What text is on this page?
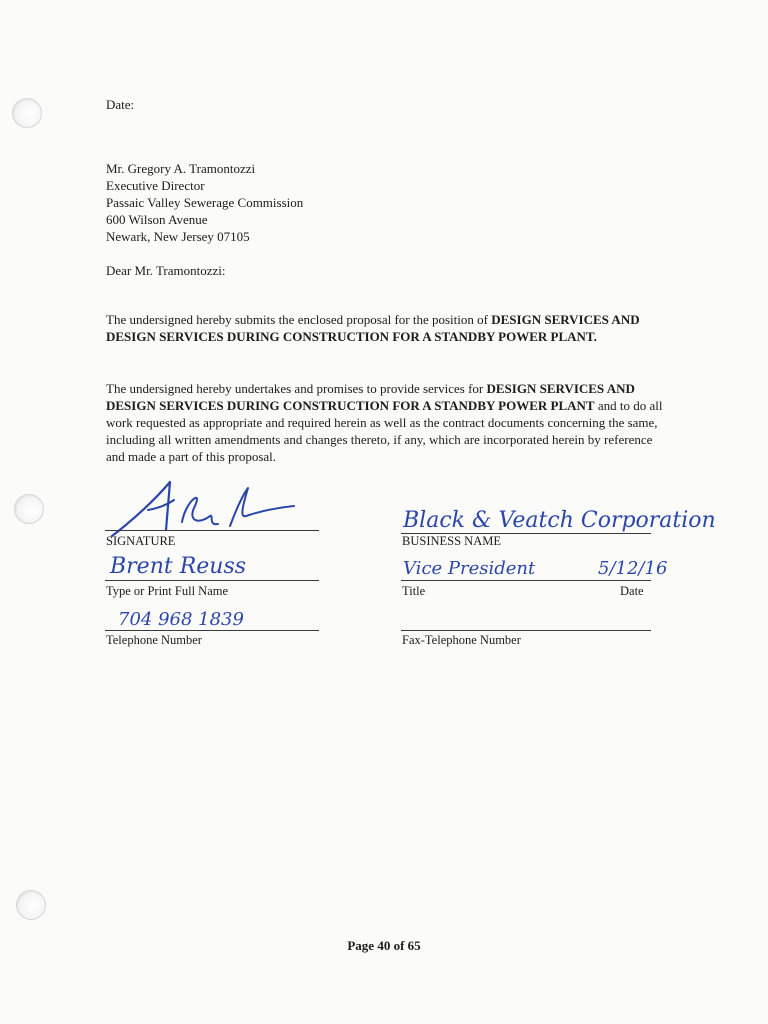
Date:
Mr. Gregory A. Tramontozzi
Executive Director
Passaic Valley Sewerage Commission
600 Wilson Avenue
Newark, New Jersey 07105
Dear Mr. Tramontozzi:
The undersigned hereby submits the enclosed proposal for the position of DESIGN SERVICES AND DESIGN SERVICES DURING CONSTRUCTION FOR A STANDBY POWER PLANT.
The undersigned hereby undertakes and promises to provide services for DESIGN SERVICES AND DESIGN SERVICES DURING CONSTRUCTION FOR A STANDBY POWER PLANT and to do all work requested as appropriate and required herein as well as the contract documents concerning the same, including all written amendments and changes thereto, if any, which are incorporated herein by reference and made a part of this proposal.
SIGNATURE
Brent Reuss
Type or Print Full Name
704 968 1839
Telephone Number
Black & Veatch Corporation
BUSINESS NAME
Vice President	5/12/16
Title	Date
Fax-Telephone Number
Page 40 of 65
